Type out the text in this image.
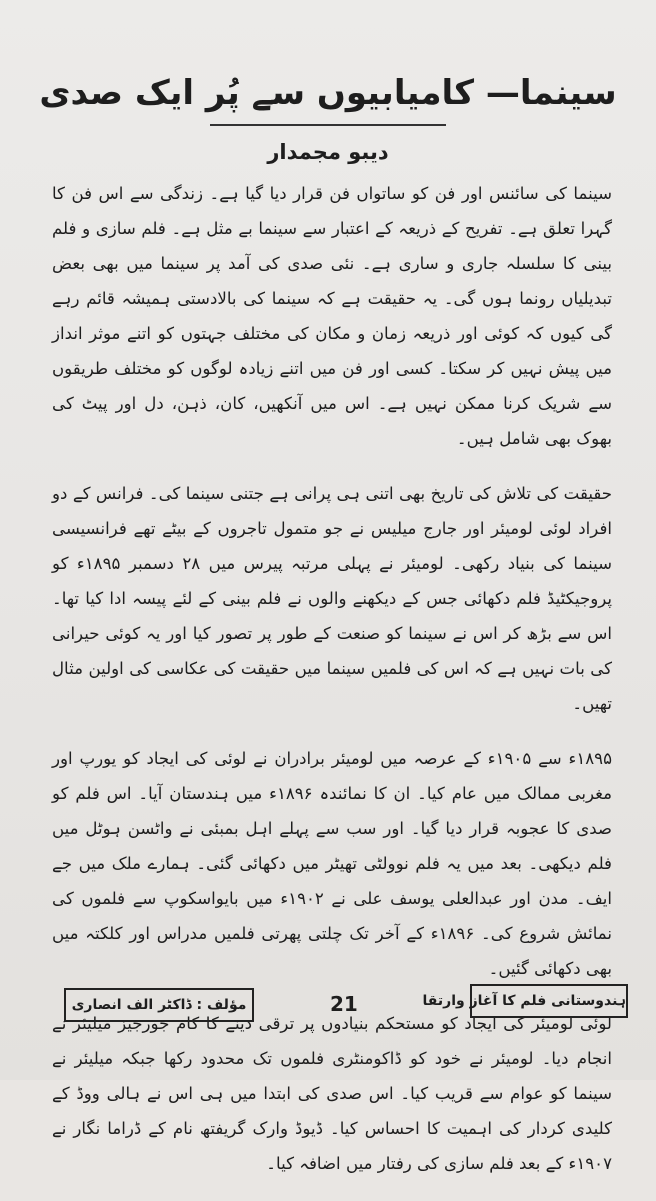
سینما— کامیابیوں سے پُر ایک صدی
دیبو مجمدار

سینما کی سائنس اور فن کو ساتواں فن قرار دیا گیا ہے۔ زندگی سے اس فن کا گہرا تعلق ہے۔ تفریح کے ذریعہ کے اعتبار سے سینما بے مثل ہے۔ فلم سازی و فلم بینی کا سلسلہ جاری و ساری ہے۔ نئی صدی کی آمد پر سینما میں بھی بعض تبدیلیاں رونما ہوں گی۔ یہ حقیقت ہے کہ سینما کی بالادستی ہمیشہ قائم رہے گی کیوں کہ کوئی اور ذریعہ زمان و مکان کی مختلف جہتوں کو اتنے موثر انداز میں پیش نہیں کر سکتا۔ کسی اور فن میں اتنے زیادہ لوگوں کو مختلف طریقوں سے شریک کرنا ممکن نہیں ہے۔ اس میں آنکھیں، کان، ذہن، دل اور پیٹ کی بھوک بھی شامل ہیں۔

حقیقت کی تلاش کی تاریخ بھی اتنی ہی پرانی ہے جتنی سینما کی۔ فرانس کے دو افراد لوئی لومیئر اور جارج میلیس نے جو متمول تاجروں کے بیٹے تھے فرانسیسی سینما کی بنیاد رکھی۔ لومیئر نے پہلی مرتبہ پیرس میں ۲۸ دسمبر ۱۸۹۵ء کو پروجیکٹیڈ فلم دکھائی جس کے دیکھنے والوں نے فلم بینی کے لئے پیسہ ادا کیا تھا۔ اس سے بڑھ کر اس نے سینما کو صنعت کے طور پر تصور کیا اور یہ کوئی حیرانی کی بات نہیں ہے کہ اس کی فلمیں سینما میں حقیقت کی عکاسی کی اولین مثال تھیں۔

۱۸۹۵ء سے ۱۹۰۵ء کے عرصہ میں لومیئر برادران نے لوئی کی ایجاد کو یورپ اور مغربی ممالک میں عام کیا۔ ان کا نمائندہ ۱۸۹۶ء میں ہندستان آیا۔ اس فلم کو صدی کا عجوبہ قرار دیا گیا۔ اور سب سے پہلے اہل بمبئی نے واٹسن ہوٹل میں فلم دیکھی۔ بعد میں یہ فلم نوولٹی تھیٹر میں دکھائی گئی۔ ہمارے ملک میں جے ایف۔ مدن اور عبدالعلی یوسف علی نے ۱۹۰۲ء میں بایواسکوپ سے فلموں کی نمائش شروع کی۔ ۱۸۹۶ء کے آخر تک چلتی پھرتی فلمیں مدراس اور کلکتہ میں بھی دکھائی گئیں۔

لوئی لومیئر کی ایجاد کو مستحکم بنیادوں پر ترقی دینے کا کام جورجیز میلیئر نے انجام دیا۔ لومیئر نے خود کو ڈاکومنٹری فلموں تک محدود رکھا جبکہ میلیئر نے سینما کو عوام سے قریب کیا۔ اس صدی کی ابتدا میں ہی اس نے ہالی ووڈ کے کلیدی کردار کی اہمیت کا احساس کیا۔ ڈیوڈ وارک گریفتھ نام کے ڈراما نگار نے ۱۹۰۷ء کے بعد فلم سازی کی رفتار میں اضافہ کیا۔

مؤلف : ڈاکٹر الف انصاری	21	ہندوستانی فلم کا آغاز وارتقا
